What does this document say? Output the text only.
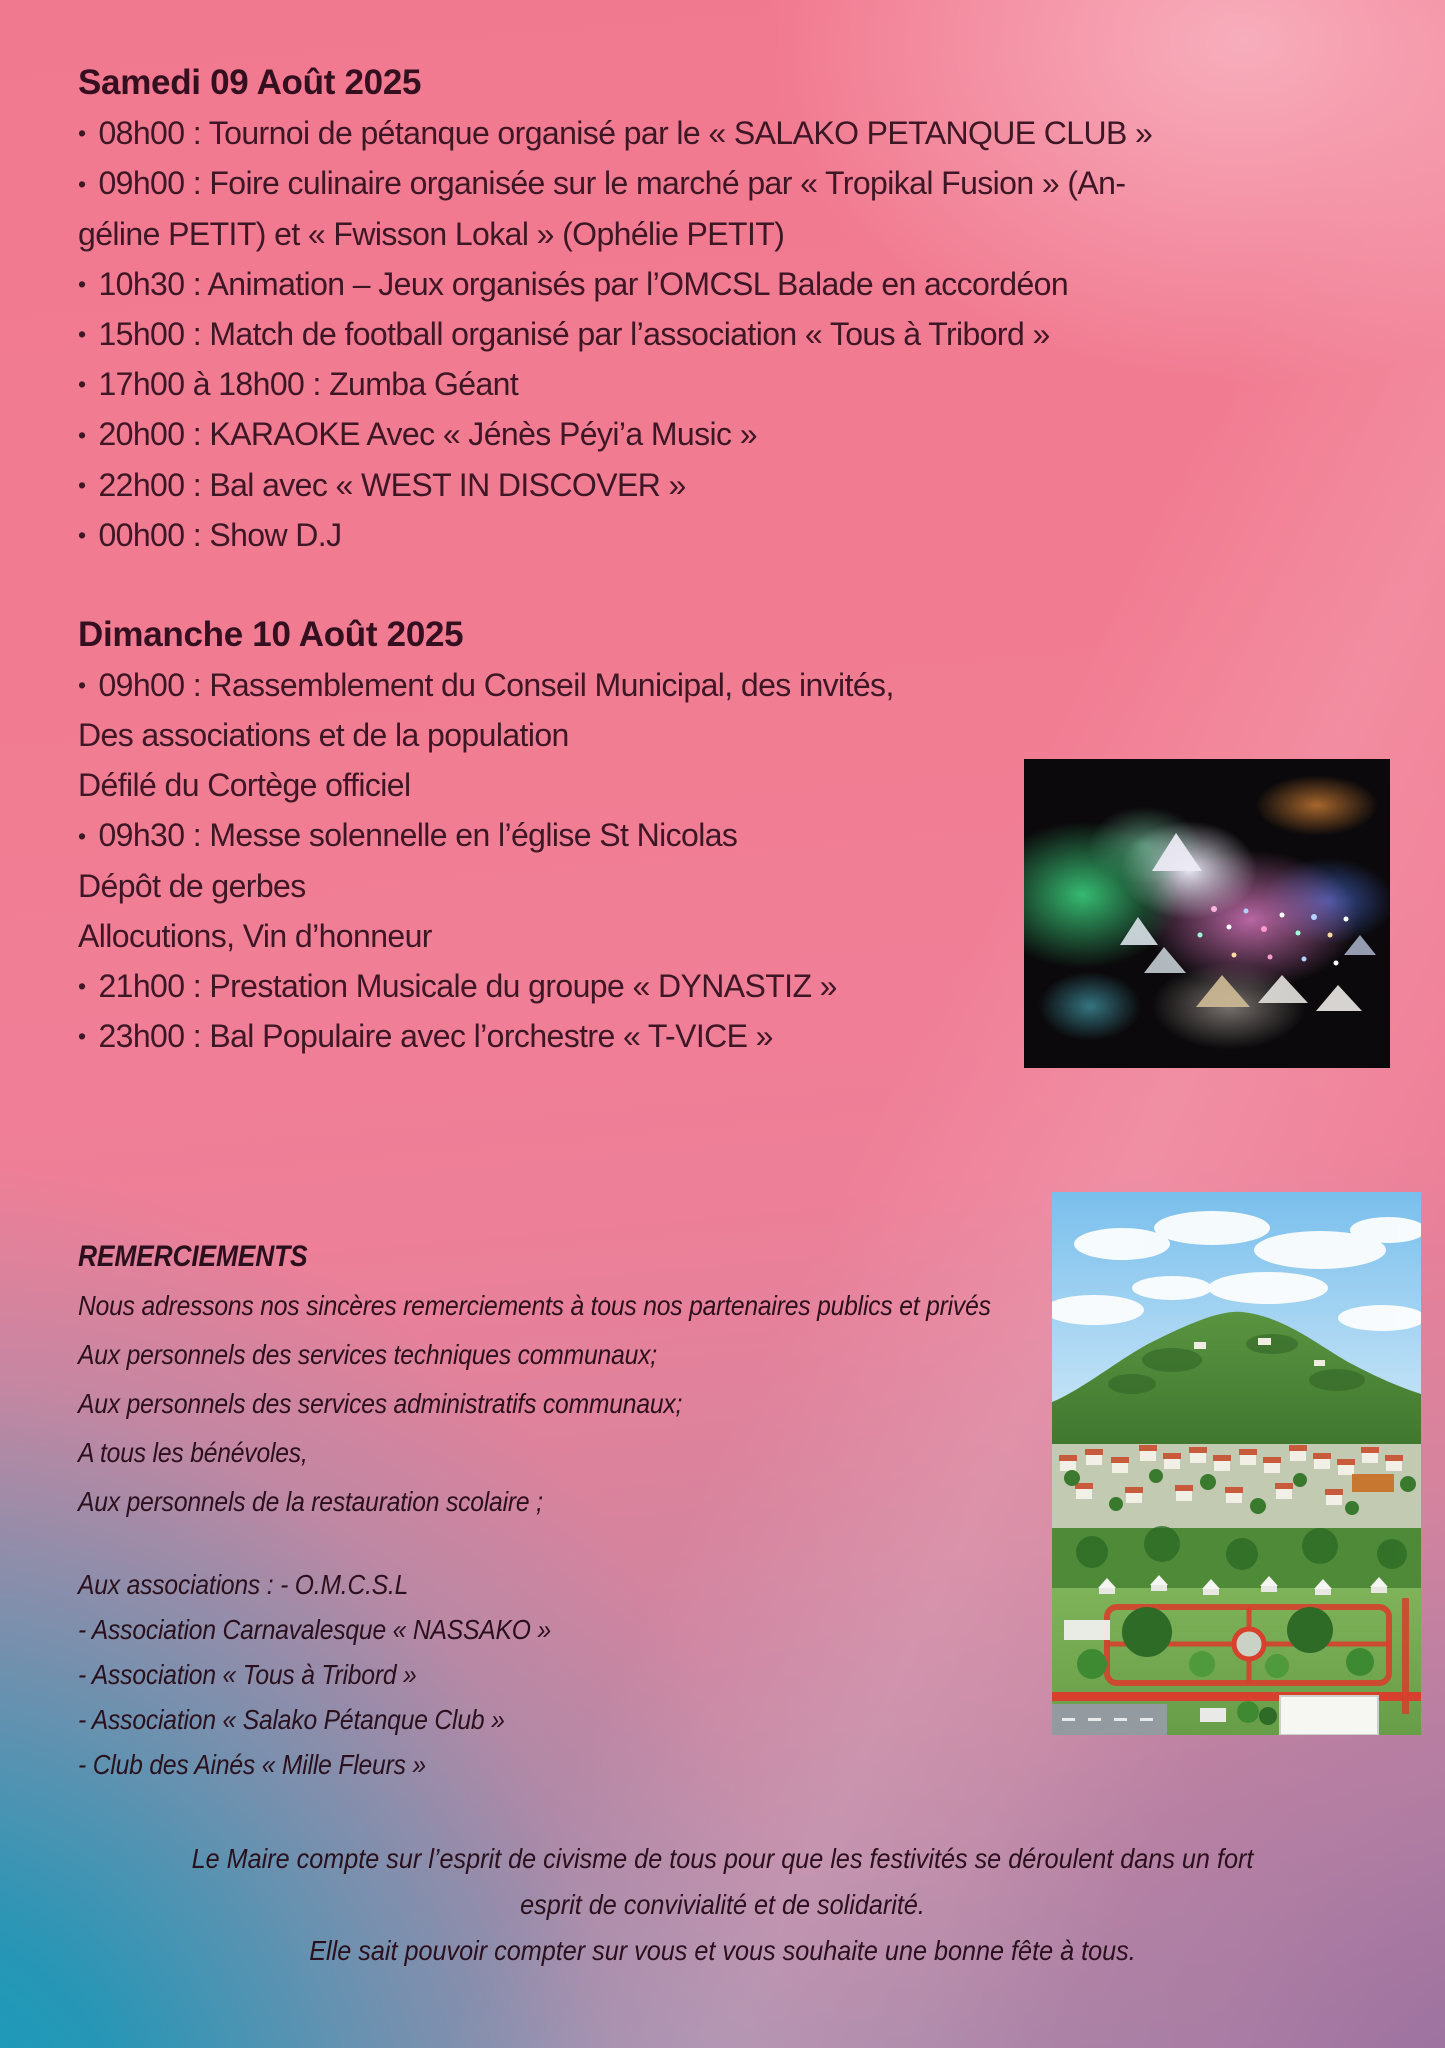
Samedi 09 Août 2025
• 08h00 : Tournoi de pétanque organisé par le « SALAKO PETANQUE CLUB »
• 09h00 : Foire culinaire organisée sur le marché par « Tropikal Fusion » (An-
géline PETIT) et « Fwisson Lokal » (Ophélie PETIT)
• 10h30 : Animation – Jeux organisés par l’OMCSL Balade en accordéon
• 15h00 : Match de football organisé par l’association « Tous à Tribord »
• 17h00 à 18h00 : Zumba Géant
• 20h00 : KARAOKE Avec « Jénès Péyi’a Music »
• 22h00 : Bal avec « WEST IN DISCOVER »
• 00h00 : Show D.J
Dimanche 10 Août 2025
• 09h00 : Rassemblement du Conseil Municipal, des invités,
Des associations et de la population
Défilé du Cortège officiel
• 09h30 : Messe solennelle en l’église St Nicolas
Dépôt de gerbes
Allocutions, Vin d’honneur
• 21h00 : Prestation Musicale du groupe « DYNASTIZ »
• 23h00 : Bal Populaire avec l’orchestre « T-VICE »
REMERCIEMENTS
Nous adressons nos sincères remerciements à tous nos partenaires publics et privés
Aux personnels des services techniques communaux;
Aux personnels des services administratifs communaux;
A tous les bénévoles,
Aux personnels de la restauration scolaire ;
Aux associations : - O.M.C.S.L
- Association Carnavalesque « NASSAKO »
- Association « Tous à Tribord »
- Association « Salako Pétanque Club »
- Club des Ainés « Mille Fleurs »
Le Maire compte sur l’esprit de civisme de tous pour que les festivités se déroulent dans un fort
esprit de convivialité et de solidarité.
Elle sait pouvoir compter sur vous et vous souhaite une bonne fête à tous.
